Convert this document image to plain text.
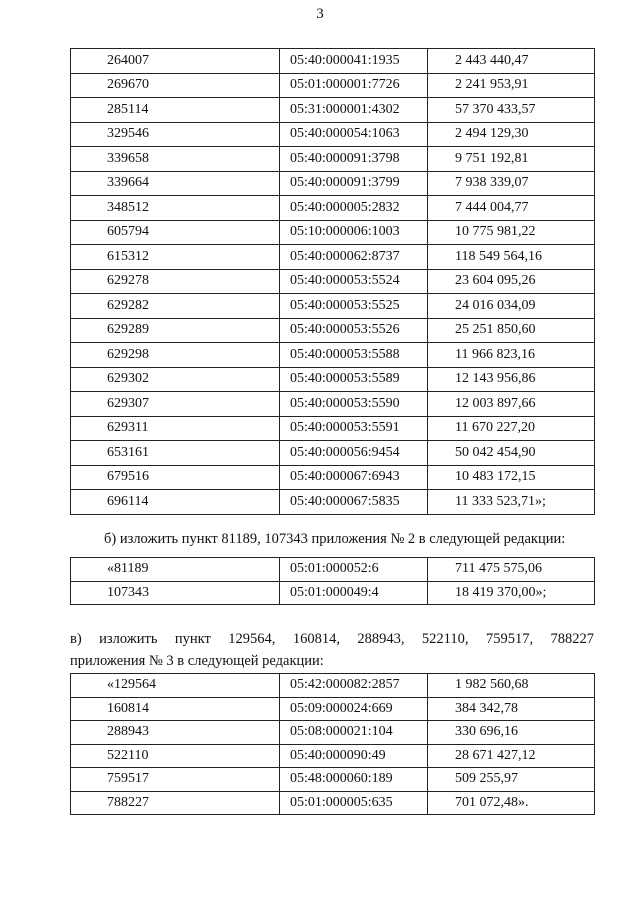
3
264007	05:40:000041:1935	2 443 440,47
269670	05:01:000001:7726	2 241 953,91
285114	05:31:000001:4302	57 370 433,57
329546	05:40:000054:1063	2 494 129,30
339658	05:40:000091:3798	9 751 192,81
339664	05:40:000091:3799	7 938 339,07
348512	05:40:000005:2832	7 444 004,77
605794	05:10:000006:1003	10 775 981,22
615312	05:40:000062:8737	118 549 564,16
629278	05:40:000053:5524	23 604 095,26
629282	05:40:000053:5525	24 016 034,09
629289	05:40:000053:5526	25 251 850,60
629298	05:40:000053:5588	11 966 823,16
629302	05:40:000053:5589	12 143 956,86
629307	05:40:000053:5590	12 003 897,66
629311	05:40:000053:5591	11 670 227,20
653161	05:40:000056:9454	50 042 454,90
679516	05:40:000067:6943	10 483 172,15
696114	05:40:000067:5835	11 333 523,71»;
б) изложить пункт 81189, 107343 приложения № 2 в следующей редакции:
«81189	05:01:000052:6	711 475 575,06
107343	05:01:000049:4	18 419 370,00»;
в) изложить пункт 129564, 160814, 288943, 522110, 759517, 788227
приложения № 3 в следующей редакции:
«129564	05:42:000082:2857	1 982 560,68
160814	05:09:000024:669	384 342,78
288943	05:08:000021:104	330 696,16
522110	05:40:000090:49	28 671 427,12
759517	05:48:000060:189	509 255,97
788227	05:01:000005:635	701 072,48».
